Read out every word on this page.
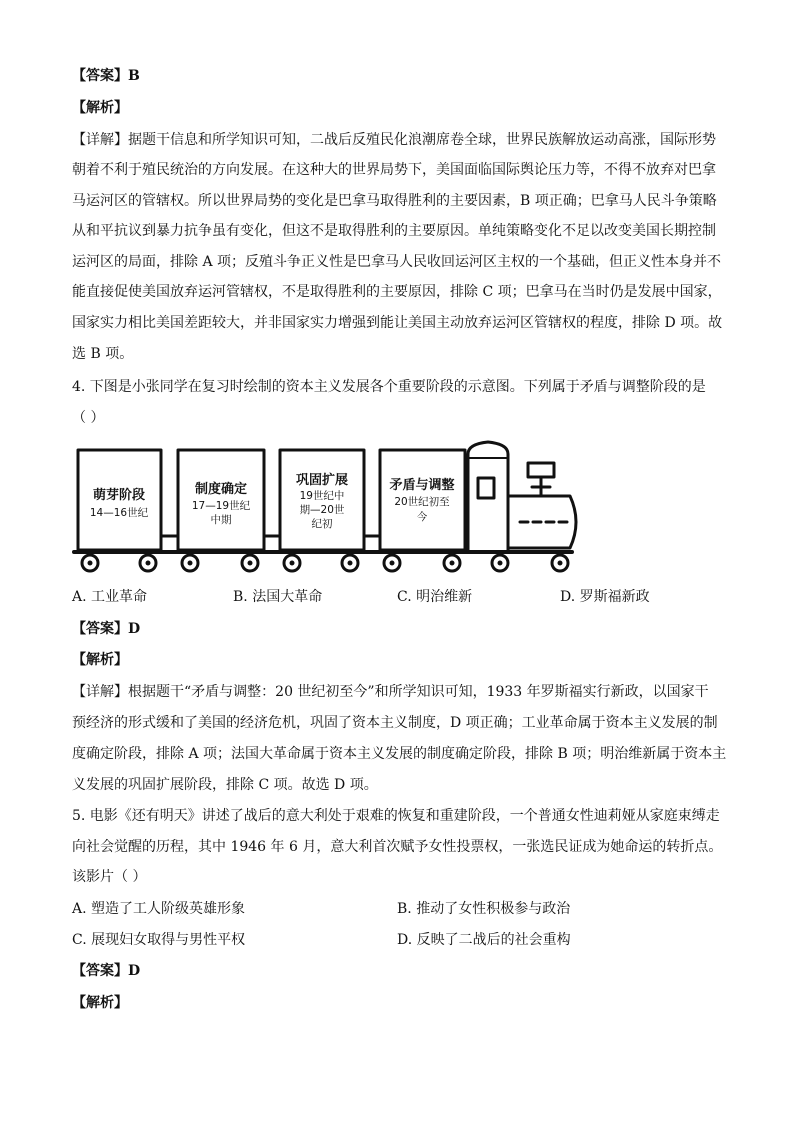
【答案】B
【解析】
【详解】据题干信息和所学知识可知，二战后反殖民化浪潮席卷全球，世界民族解放运动高涨，国际形势
朝着不利于殖民统治的方向发展。在这种大的世界局势下，美国面临国际舆论压力等，不得不放弃对巴拿
马运河区的管辖权。所以世界局势的变化是巴拿马取得胜利的主要因素，B 项正确；巴拿马人民斗争策略
从和平抗议到暴力抗争虽有变化，但这不是取得胜利的主要原因。单纯策略变化不足以改变美国长期控制
运河区的局面，排除 A 项；反殖斗争正义性是巴拿马人民收回运河区主权的一个基础，但正义性本身并不
能直接促使美国放弃运河管辖权，不是取得胜利的主要原因，排除 C 项；巴拿马在当时仍是发展中国家，
国家实力相比美国差距较大，并非国家实力增强到能让美国主动放弃运河区管辖权的程度，排除 D 项。故
选 B 项。
4. 下图是小张同学在复习时绘制的资本主义发展各个重要阶段的示意图。下列属于矛盾与调整阶段的是
（ ）
萌芽阶段
14—16世纪
制度确定
17—19世纪
中期
巩固扩展
19世纪中
期—20世
纪初
矛盾与调整
20世纪初至
今
A. 工业革命	B. 法国大革命	C. 明治维新	D. 罗斯福新政
【答案】D
【解析】
【详解】根据题干“矛盾与调整：20 世纪初至今”和所学知识可知，1933 年罗斯福实行新政，以国家干
预经济的形式缓和了美国的经济危机，巩固了资本主义制度，D 项正确；工业革命属于资本主义发展的制
度确定阶段，排除 A 项；法国大革命属于资本主义发展的制度确定阶段，排除 B 项；明治维新属于资本主
义发展的巩固扩展阶段，排除 C 项。故选 D 项。
5. 电影《还有明天》讲述了战后的意大利处于艰难的恢复和重建阶段，一个普通女性迪莉娅从家庭束缚走
向社会觉醒的历程，其中 1946 年 6 月，意大利首次赋予女性投票权，一张选民证成为她命运的转折点。
该影片（ ）
A. 塑造了工人阶级英雄形象	B. 推动了女性积极参与政治
C. 展现妇女取得与男性平权	D. 反映了二战后的社会重构
【答案】D
【解析】
